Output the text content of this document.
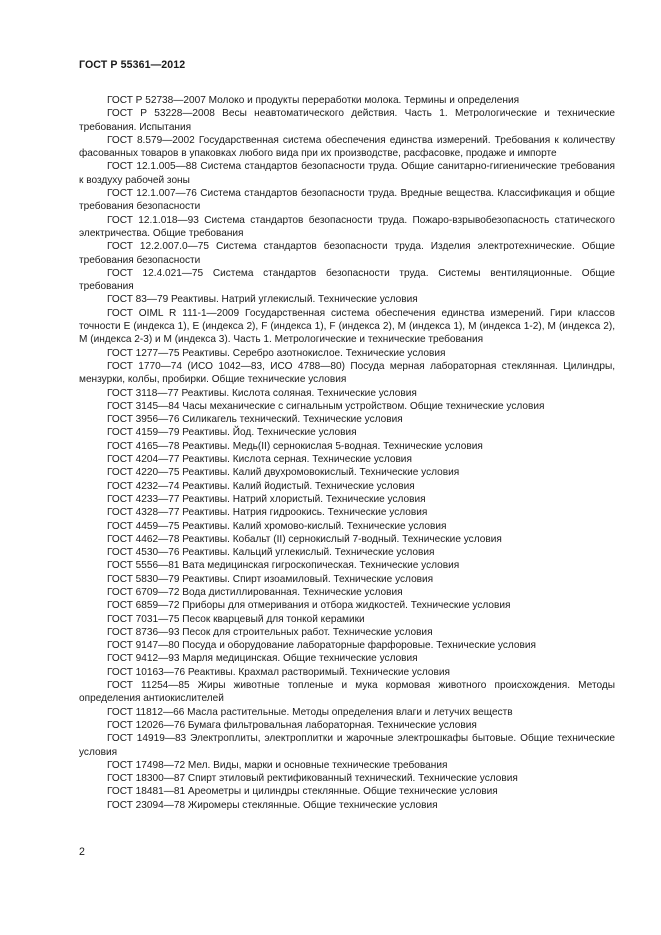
ГОСТ Р 55361—2012

ГОСТ Р 52738—2007 Молоко и продукты переработки молока. Термины и определения

ГОСТ Р 53228—2008 Весы неавтоматического действия. Часть 1. Метрологические и технические требования. Испытания

ГОСТ 8.579—2002 Государственная система обеспечения единства измерений. Требования к количеству фасованных товаров в упаковках любого вида при их производстве, расфасовке, продаже и импорте

ГОСТ 12.1.005—88 Система стандартов безопасности труда. Общие санитарно-гигиенические требования к воздуху рабочей зоны

ГОСТ 12.1.007—76 Система стандартов безопасности труда. Вредные вещества. Классификация и общие требования безопасности

ГОСТ 12.1.018—93 Система стандартов безопасности труда. Пожаро-взрывобезопасность статического электричества. Общие требования

ГОСТ 12.2.007.0—75 Система стандартов безопасности труда. Изделия электротехнические. Общие требования безопасности

ГОСТ 12.4.021—75 Система стандартов безопасности труда. Системы вентиляционные. Общие требования

ГОСТ 83—79 Реактивы. Натрий углекислый. Технические условия

ГОСТ OIML R 111-1—2009 Государственная система обеспечения единства измерений. Гири классов точности E (индекса 1), E (индекса 2), F (индекса 1), F (индекса 2), M (индекса 1), M (индекса 1-2), M (индекса 2), M (индекса 2-3) и M (индекса 3). Часть 1. Метрологические и технические требования

ГОСТ 1277—75 Реактивы. Серебро азотнокислое. Технические условия

ГОСТ 1770—74 (ИСО 1042—83, ИСО 4788—80) Посуда мерная лабораторная стеклянная. Цилиндры, мензурки, колбы, пробирки. Общие технические условия

ГОСТ 3118—77 Реактивы. Кислота соляная. Технические условия

ГОСТ 3145—84 Часы механические с сигнальным устройством. Общие технические условия

ГОСТ 3956—76 Силикагель технический. Технические условия

ГОСТ 4159—79 Реактивы. Йод. Технические условия

ГОСТ 4165—78 Реактивы. Медь(II) сернокислая 5-водная. Технические условия

ГОСТ 4204—77 Реактивы. Кислота серная. Технические условия

ГОСТ 4220—75 Реактивы. Калий двухромовокислый. Технические условия

ГОСТ 4232—74 Реактивы. Калий йодистый. Технические условия

ГОСТ 4233—77 Реактивы. Натрий хлористый. Технические условия

ГОСТ 4328—77 Реактивы. Натрия гидроокись. Технические условия

ГОСТ 4459—75 Реактивы. Калий хромово-кислый. Технические условия

ГОСТ 4462—78 Реактивы. Кобальт (II) сернокислый 7-водный. Технические условия

ГОСТ 4530—76 Реактивы. Кальций углекислый. Технические условия

ГОСТ 5556—81 Вата медицинская гигроскопическая. Технические условия

ГОСТ 5830—79 Реактивы. Спирт изоамиловый. Технические условия

ГОСТ 6709—72 Вода дистиллированная. Технические условия

ГОСТ 6859—72 Приборы для отмеривания и отбора жидкостей. Технические условия

ГОСТ 7031—75 Песок кварцевый для тонкой керамики

ГОСТ 8736—93 Песок для строительных работ. Технические условия

ГОСТ 9147—80 Посуда и оборудование лабораторные фарфоровые. Технические условия

ГОСТ 9412—93 Марля медицинская. Общие технические условия

ГОСТ 10163—76 Реактивы. Крахмал растворимый. Технические условия

ГОСТ 11254—85 Жиры животные топленые и мука кормовая животного происхождения. Методы определения антиокислителей

ГОСТ 11812—66 Масла растительные. Методы определения влаги и летучих веществ

ГОСТ 12026—76 Бумага фильтровальная лабораторная. Технические условия

ГОСТ 14919—83 Электроплиты, электроплитки и жарочные электрошкафы бытовые. Общие технические условия

ГОСТ 17498—72 Мел. Виды, марки и основные технические требования

ГОСТ 18300—87 Спирт этиловый ректификованный технический. Технические условия

ГОСТ 18481—81 Ареометры и цилиндры стеклянные. Общие технические условия

ГОСТ 23094—78 Жиромеры стеклянные. Общие технические условия

2
